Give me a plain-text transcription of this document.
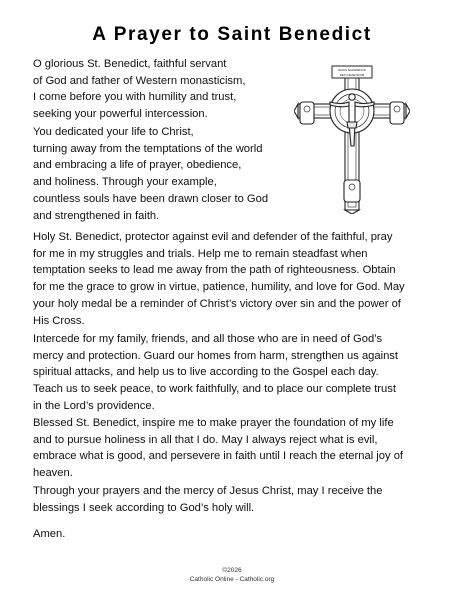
A Prayer to Saint Benedict
O glorious St. Benedict, faithful servant
of God and father of Western monasticism,
I come before you with humility and trust,
seeking your powerful intercession.
You dedicated your life to Christ,
turning away from the temptations of the world
and embracing a life of prayer, obedience,
and holiness. Through your example,
countless souls have been drawn closer to God
and strengthened in faith.
IESUS NAZARENUS
REX IUDAEORUM
Holy St. Benedict, protector against evil and defender of the faithful, pray
for me in my struggles and trials. Help me to remain steadfast when
temptation seeks to lead me away from the path of righteousness. Obtain
for me the grace to grow in virtue, patience, humility, and love for God. May
your holy medal be a reminder of Christ’s victory over sin and the power of
His Cross.
Intercede for my family, friends, and all those who are in need of God’s
mercy and protection. Guard our homes from harm, strengthen us against
spiritual attacks, and help us to live according to the Gospel each day.
Teach us to seek peace, to work faithfully, and to place our complete trust
in the Lord’s providence.
Blessed St. Benedict, inspire me to make prayer the foundation of my life
and to pursue holiness in all that I do. May I always reject what is evil,
embrace what is good, and persevere in faith until I reach the eternal joy of
heaven.
Through your prayers and the mercy of Jesus Christ, may I receive the
blessings I seek according to God’s holy will.
Amen.
©2026
Catholic Online - Catholic.org
